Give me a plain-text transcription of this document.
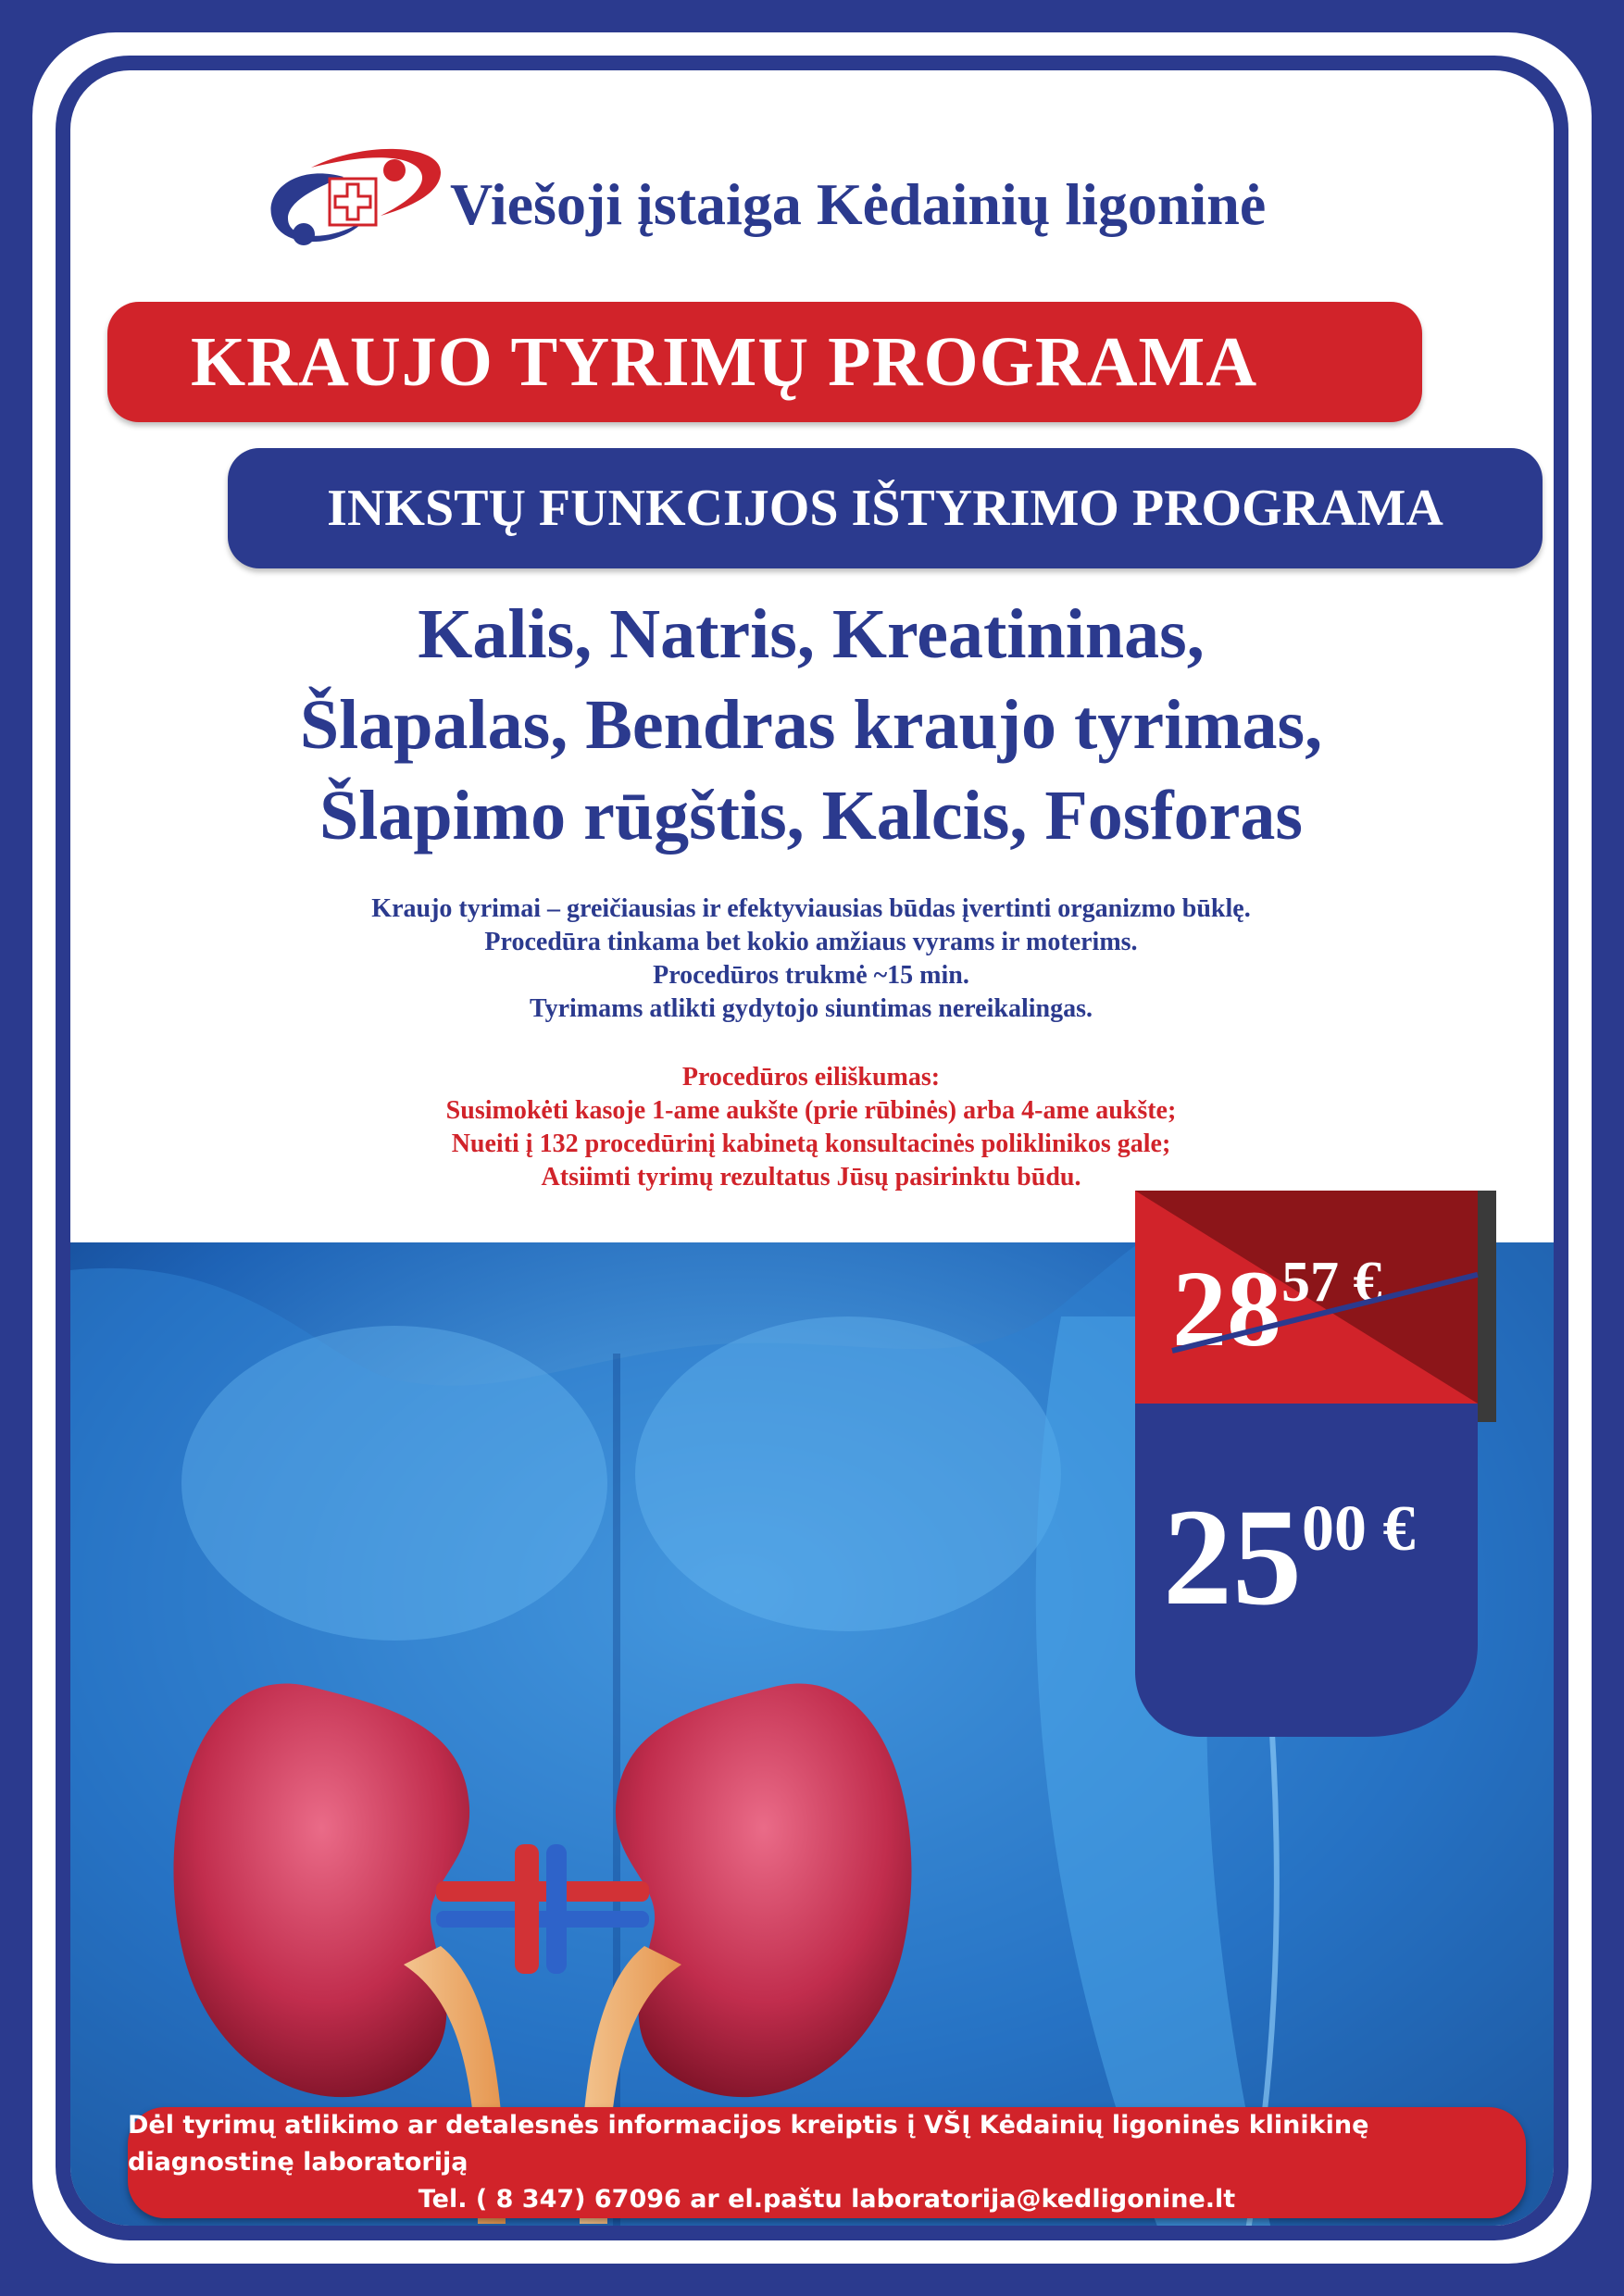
Viešoji įstaiga Kėdainių ligoninė
KRAUJO TYRIMŲ PROGRAMA
INKSTŲ FUNKCIJOS IŠTYRIMO PROGRAMA
Kalis, Natris, Kreatininas,
Šlapalas, Bendras kraujo tyrimas,
Šlapimo rūgštis, Kalcis, Fosforas
Kraujo tyrimai – greičiausias ir efektyviausias būdas įvertinti organizmo būklę.
Procedūra tinkama bet kokio amžiaus vyrams ir moterims.
Procedūros trukmė ~15 min.
Tyrimams atlikti gydytojo siuntimas nereikalingas.
Procedūros eiliškumas:
Susimokėti kasoje 1-ame aukšte (prie rūbinės) arba 4-ame aukšte;
Nueiti į 132 procedūrinį kabinetą konsultacinės poliklinikos gale;
Atsiimti tyrimų rezultatus Jūsų pasirinktu būdu.
2857 €
2500 €
Dėl tyrimų atlikimo ar detalesnės informacijos kreiptis į VŠĮ Kėdainių ligoninės klinikinę diagnostinę laboratoriją
Tel. ( 8 347) 67096 ar el.paštu laboratorija@kedligonine.lt
